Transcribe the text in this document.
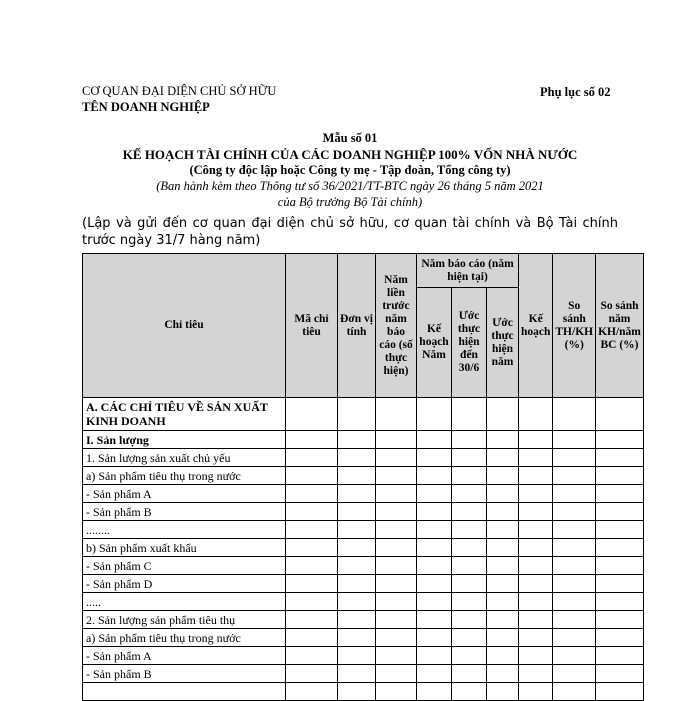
CƠ QUAN ĐẠI DIỆN CHỦ SỞ HỮU
TÊN DOANH NGHIỆP
Phụ lục số 02
Mẫu số 01
KẾ HOẠCH TÀI CHÍNH CỦA CÁC DOANH NGHIỆP 100% VỐN NHÀ NƯỚC
(Công ty độc lập hoặc Công ty mẹ - Tập đoàn, Tổng công ty)
(Ban hành kèm theo Thông tư số 36/2021/TT-BTC ngày 26 tháng 5 năm 2021
của Bộ trưởng Bộ Tài chính)
(Lập và gửi đến cơ quan đại diện chủ sở hữu, cơ quan tài chính và Bộ Tài chính trước ngày 31/7 hàng năm)
Chỉ tiêu	Mã chỉ tiêu	Đơn vị tính	Năm liền trước năm báo cáo (số thực hiện)	Năm báo cáo (năm hiện tại)			Kế hoạch	So sánh TH/KH (%)	So sánh năm KH/năm BC (%)
				Kế hoạch Năm	Ước thực hiện đến 30/6	Ước thực hiện năm			
A. CÁC CHỈ TIÊU VỀ SẢN XUẤT KINH DOANH									
I. Sản lượng									
1. Sản lượng sản xuất chủ yếu									
a) Sản phẩm tiêu thụ trong nước									
- Sản phẩm A									
- Sản phẩm B									
........									
b) Sản phẩm xuất khẩu									
- Sản phẩm C									
- Sản phẩm D									
.....									
2. Sản lượng sản phẩm tiêu thụ									
a) Sản phẩm tiêu thụ trong nước									
- Sản phẩm A									
- Sản phẩm B									
